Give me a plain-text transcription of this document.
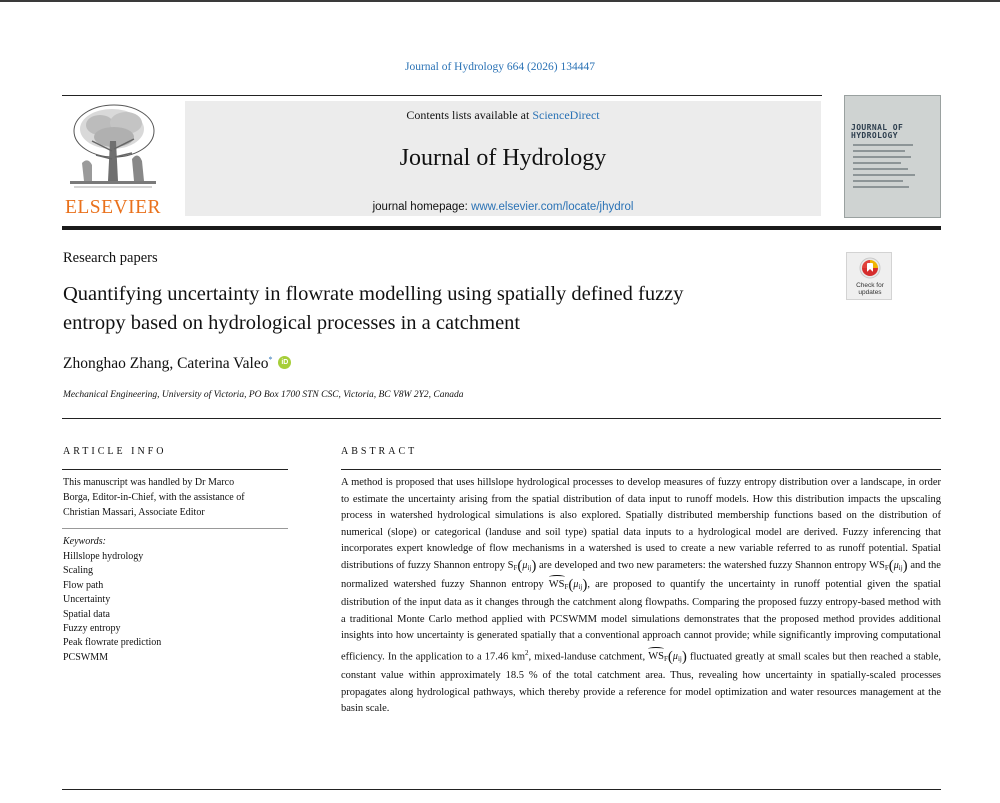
Journal of Hydrology 664 (2026) 134447
ELSEVIER
Contents lists available at ScienceDirect
Journal of Hydrology
journal homepage: www.elsevier.com/locate/jhydrol
JOURNAL OF HYDROLOGY
Research papers
Quantifying uncertainty in flowrate modelling using spatially defined fuzzy
entropy based on hydrological processes in a catchment
Check for
updates
Zhonghao Zhang, Caterina Valeo*	iD
Mechanical Engineering, University of Victoria, PO Box 1700 STN CSC, Victoria, BC V8W 2Y2, Canada
ARTICLE INFO	ABSTRACT
This manuscript was handled by Dr Marco
Borga, Editor-in-Chief, with the assistance of
Christian Massari, Associate Editor
Keywords:
Hillslope hydrology
Scaling
Flow path
Uncertainty
Spatial data
Fuzzy entropy
Peak flowrate prediction
PCSWMM
A method is proposed that uses hillslope hydrological processes to develop measures of fuzzy entropy distribution over a landscape, in order to estimate the uncertainty arising from the spatial distribution of data input to runoff models. How this distribution impacts the upscaling process in watershed hydrological simulations is also explored. Spatially distributed membership functions based on the distribution of numerical (slope) or categorical (landuse and soil type) spatial data inputs to a hydrological model are derived. Fuzzy inferencing that incorporates expert knowledge of flow mechanisms in a watershed is used to create a new variable referred to as runoff potential. Spatial distributions of fuzzy Shannon entropy $S_F(\mu_{ij})$ are developed and two new parameters: the watershed fuzzy Shannon entropy $WS_F(\mu_{ij})$ and the normalized watershed fuzzy Shannon entropy $WS_F(\mu_{ij})$, are proposed to quantify the uncertainty in runoff potential given the spatial distribution of the input data as it changes through the catchment along flowpaths. Comparing the proposed fuzzy entropy-based method with a traditional Monte Carlo method applied with PCSWMM model simulations demonstrates that the proposed method provides additional insights into how uncertainty is generated spatially that a conventional approach cannot provide; while significantly improving computational efficiency. In the application to a 17.46 $km^2$, mixed-landuse catchment, $WS_F(\mu_{ij})$ fluctuated greatly at small scales but then reached a stable, constant value within approximately 18.5 % of the total catchment area. Thus, revealing how uncertainty in spatially-scaled processes propagates along hydrological pathways, which thereby provide a reference for model optimization and water resources management at the basin scale.
